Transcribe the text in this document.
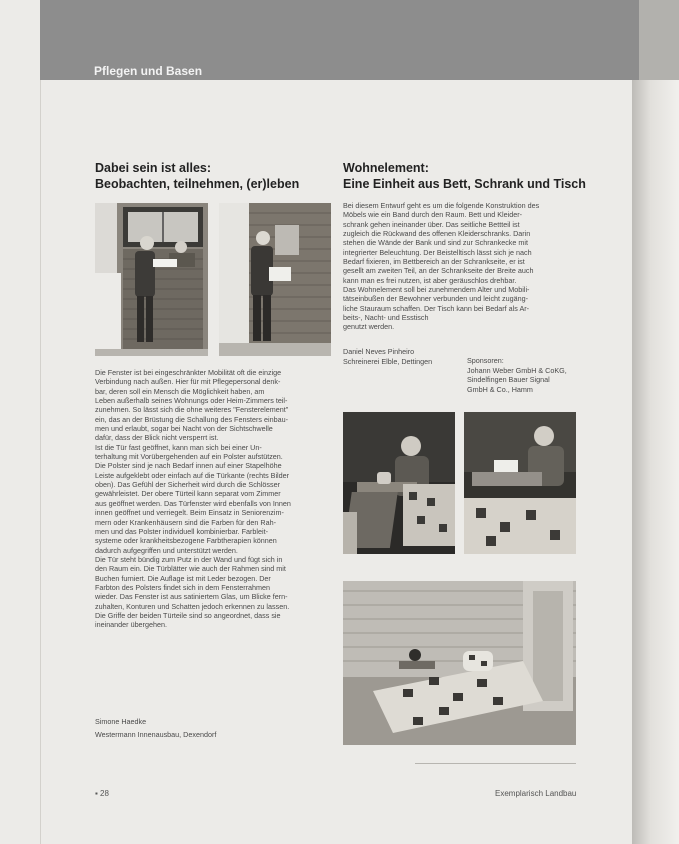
Pflegen und Basen
Dabei sein ist alles:
Beobachten, teilnehmen, (er)leben
Die Fenster ist bei eingeschränkter Mobilität oft die einzige
Verbindung nach außen. Hier für mit Pflegepersonal denk-
bar, deren soll ein Mensch die Möglichkeit haben, am
Leben außerhalb seines Wohnungs oder Heim-Zimmers teil-
zunehmen. So lässt sich die ohne weiteres "Fensterelement"
ein, das an der Brüstung die Schallung des Fensters einbau-
men und erlaubt, sogar bei Nacht von der Sichtschwelle
dafür, dass der Blick nicht versperrt ist.
Ist die Tür fast geöffnet, kann man sich bei einer Un-
terhaltung mit Vorübergehenden auf ein Polster aufstützen.
Die Polster sind je nach Bedarf innen auf einer Stapelhöhe
Leiste aufgeklebt oder einfach auf die Türkante (rechts Bilder
oben). Das Gefühl der Sicherheit wird durch die Schlösser
gewährleistet. Der obere Türteil kann separat vom Zimmer
aus geöffnet werden. Das Türfenster wird ebenfalls von Innen
innen geöffnet und verriegelt. Beim Einsatz in Seniorenzim-
mern oder Krankenhäusern sind die Farben für den Rah-
men und das Polster individuell kombinierbar. Farbleit-
systeme oder krankheitsbezogene Farbtherapien können
dadurch aufgegriffen und unterstützt werden.
Die Tür steht bündig zum Putz in der Wand und fügt sich in
den Raum ein. Die Türblätter wie auch der Rahmen sind mit
Buchen furniert. Die Auflage ist mit Leder bezogen. Der
Farbton des Polsters findet sich in dem Fensterrahmen
wieder. Das Fenster ist aus satiniertem Glas, um Blicke fern-
zuhalten, Konturen und Schatten jedoch erkennen zu lassen.
Die Griffe der beiden Türteile sind so angeordnet, dass sie
ineinander übergehen.
Simone Haedke
Westermann Innenausbau, Dexendorf
Wohnelement:
Eine Einheit aus Bett, Schrank und Tisch
Bei diesem Entwurf geht es um die folgende Konstruktion des
Möbels wie ein Band durch den Raum. Bett und Kleider-
schrank gehen ineinander über. Das seitliche Bettteil ist
zugleich die Rückwand des offenen Kleiderschranks. Darin
stehen die Wände der Bank und sind zur Schrankecke mit
integrierter Beleuchtung. Der Beistelltisch lässt sich je nach
Bedarf fixieren, im Bettbereich an der Schrankseite, er ist
gesellt am zweiten Teil, an der Schrankseite der Breite auch
kann man es frei nutzen, ist aber geräuschlos drehbar.
Das Wohnelement soll bei zunehmendem Alter und Mobili-
tätseinbußen der Bewohner verbunden und leicht zugäng-
liche Stauraum schaffen. Der Tisch kann bei Bedarf als Ar-
beits-, Nacht- und Esstisch
genutzt werden.
Daniel Neves Pinheiro
Schreinerei Elble, Dettingen	Sponsoren:
Johann Weber GmbH & CoKG,
Sindelfingen Bauer Signal
GmbH & Co., Hamm
▪ 28	Exemplarisch Landbau
